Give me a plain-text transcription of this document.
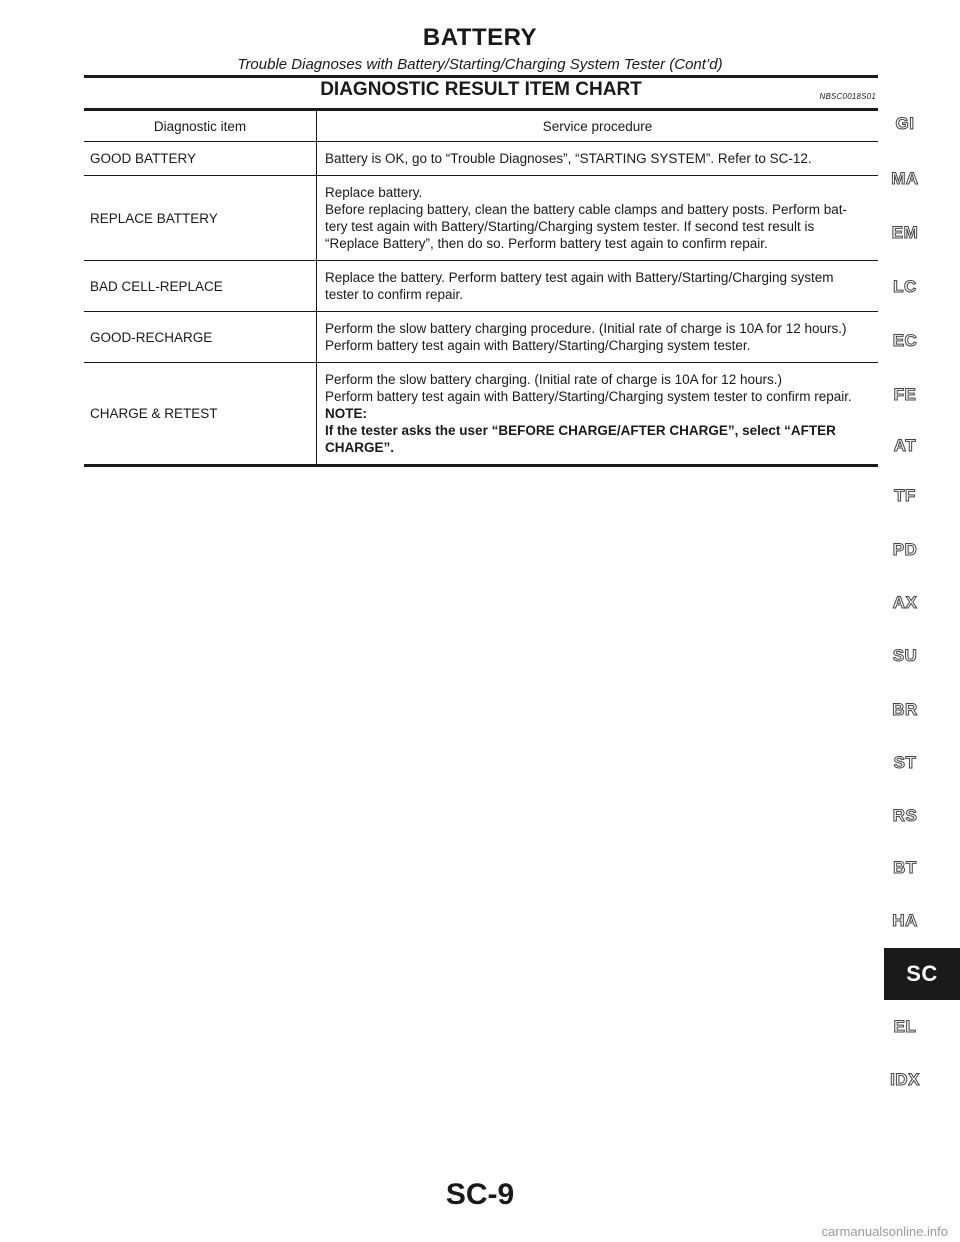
BATTERY
Trouble Diagnoses with Battery/Starting/Charging System Tester (Cont’d)
DIAGNOSTIC RESULT ITEM CHART	NBSC0018S01
Diagnostic item	Service procedure
GOOD BATTERY	Battery is OK, go to “Trouble Diagnoses”, “STARTING SYSTEM”. Refer to SC-12.

REPLACE BATTERY	Replace battery.
Before replacing battery, clean the battery cable clamps and battery posts. Perform bat-
tery test again with Battery/Starting/Charging system tester. If second test result is
“Replace Battery”, then do so. Perform battery test again to confirm repair.

BAD CELL-REPLACE	Replace the battery. Perform battery test again with Battery/Starting/Charging system
tester to confirm repair.

GOOD-RECHARGE	Perform the slow battery charging procedure. (Initial rate of charge is 10A for 12 hours.)
Perform battery test again with Battery/Starting/Charging system tester.

CHARGE & RETEST	Perform the slow battery charging. (Initial rate of charge is 10A for 12 hours.)
Perform battery test again with Battery/Starting/Charging system tester to confirm repair.
NOTE:
If the tester asks the user “BEFORE CHARGE/AFTER CHARGE”, select “AFTER
CHARGE”.
GI
MA
EM
LC
EC
FE
AT
TF
PD
AX
SU
BR
ST
RS
BT
HA
EL
IDX
SC
SC-9
carmanualsonline.info
